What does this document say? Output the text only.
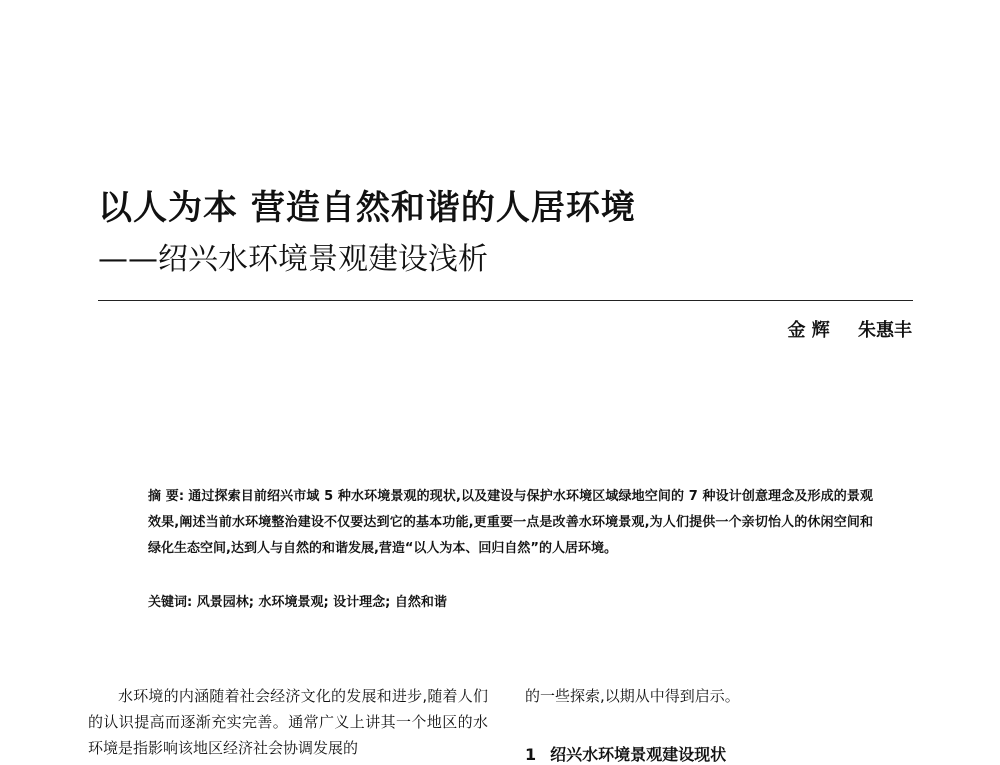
以人为本 营造自然和谐的人居环境
——绍兴水环境景观建设浅析
金 辉 朱惠丰
摘 要: 通过探索目前绍兴市域 5 种水环境景观的现状,以及建设与保护水环境区域绿地空间的 7 种设计创意理念及形成的景观效果,阐述当前水环境整治建设不仅要达到它的基本功能,更重要一点是改善水环境景观,为人们提供一个亲切怡人的休闲空间和绿化生态空间,达到人与自然的和谐发展,营造“以人为本、回归自然”的人居环境。
关键词: 风景园林; 水环境景观; 设计理念; 自然和谐

水环境的内涵随着社会经济文化的发展和进步,随着人们的认识提高而逐渐充实完善。通常广义上讲其一个地区的水环境是指影响该地区经济社会协调发展的

的一些探索,以期从中得到启示。

1 绍兴水环境景观建设现状
